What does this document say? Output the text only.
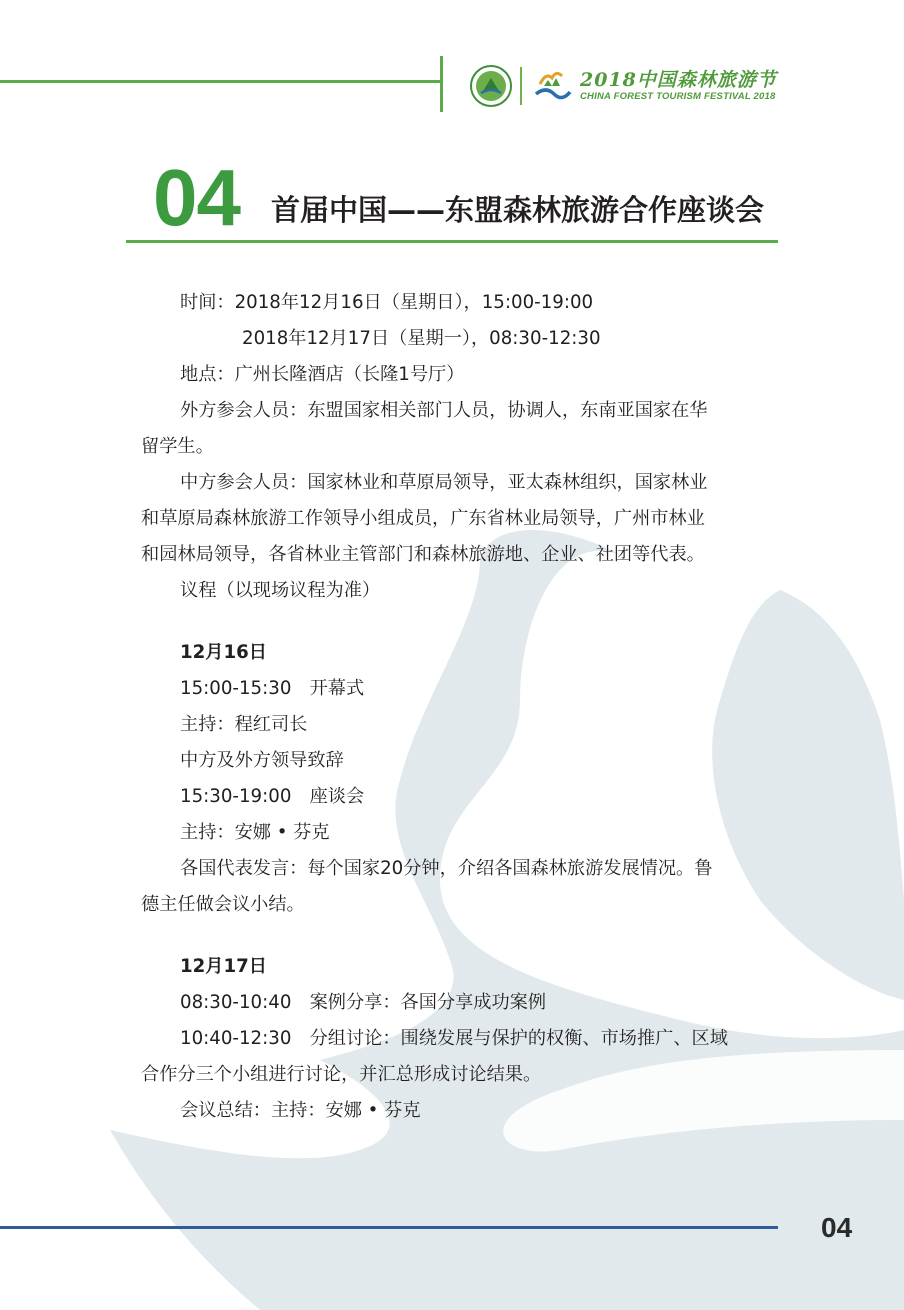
2018中国森林旅游节
CHINA FOREST TOURISM FESTIVAL 2018
04 首届中国——东盟森林旅游合作座谈会
时间：2018年12月16日（星期日），15:00-19:00
2018年12月17日（星期一），08:30-12:30
地点：广州长隆酒店（长隆1号厅）
外方参会人员：东盟国家相关部门人员，协调人，东南亚国家在华
留学生。
中方参会人员：国家林业和草原局领导，亚太森林组织，国家林业
和草原局森林旅游工作领导小组成员，广东省林业局领导，广州市林业
和园林局领导，各省林业主管部门和森林旅游地、企业、社团等代表。
议程（以现场议程为准）
12月16日
15:00-15:30　开幕式
主持：程红司长
中方及外方领导致辞
15:30-19:00　座谈会
主持：安娜 • 芬克
各国代表发言：每个国家20分钟，介绍各国森林旅游发展情况。鲁
德主任做会议小结。
12月17日
08:30-10:40　案例分享：各国分享成功案例
10:40-12:30　分组讨论：围绕发展与保护的权衡、市场推广、区域
合作分三个小组进行讨论，并汇总形成讨论结果。
会议总结：主持：安娜 • 芬克
04
